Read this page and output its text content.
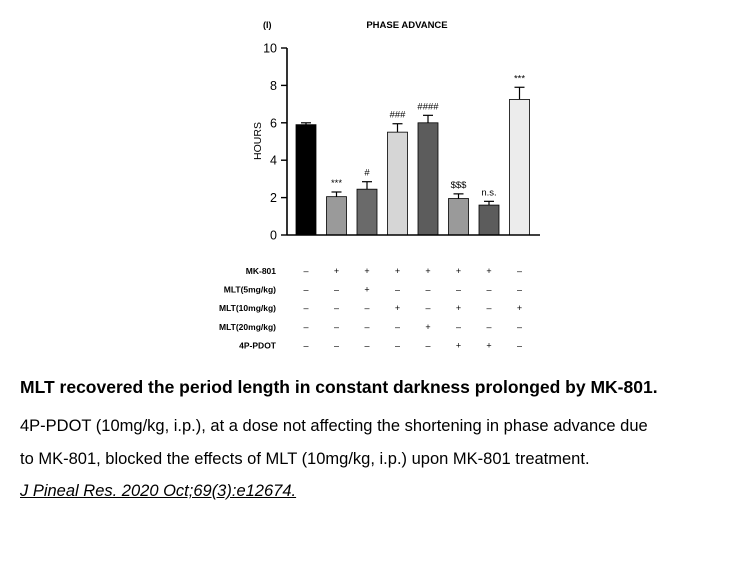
(I)	PHASE ADVANCE
0
2
4
6
8
10
HOURS
***
#
###
####
$$$
n.s.
***
MK-801	–	+	+	+	+	+	+	–
MLT(5mg/kg)	–	–	+	–	–	–	–	–
MLT(10mg/kg)	–	–	–	+	–	+	–	+
MLT(20mg/kg)	–	–	–	–	+	–	–	–
4P-PDOT	–	–	–	–	–	+	+	–

MLT recovered the period length in constant darkness prolonged by MK-801.

4P-PDOT (10mg/kg, i.p.), at a dose not affecting the shortening in phase advance due

to MK-801, blocked the effects of MLT (10mg/kg, i.p.) upon MK-801 treatment.

J Pineal Res. 2020 Oct;69(3):e12674.
